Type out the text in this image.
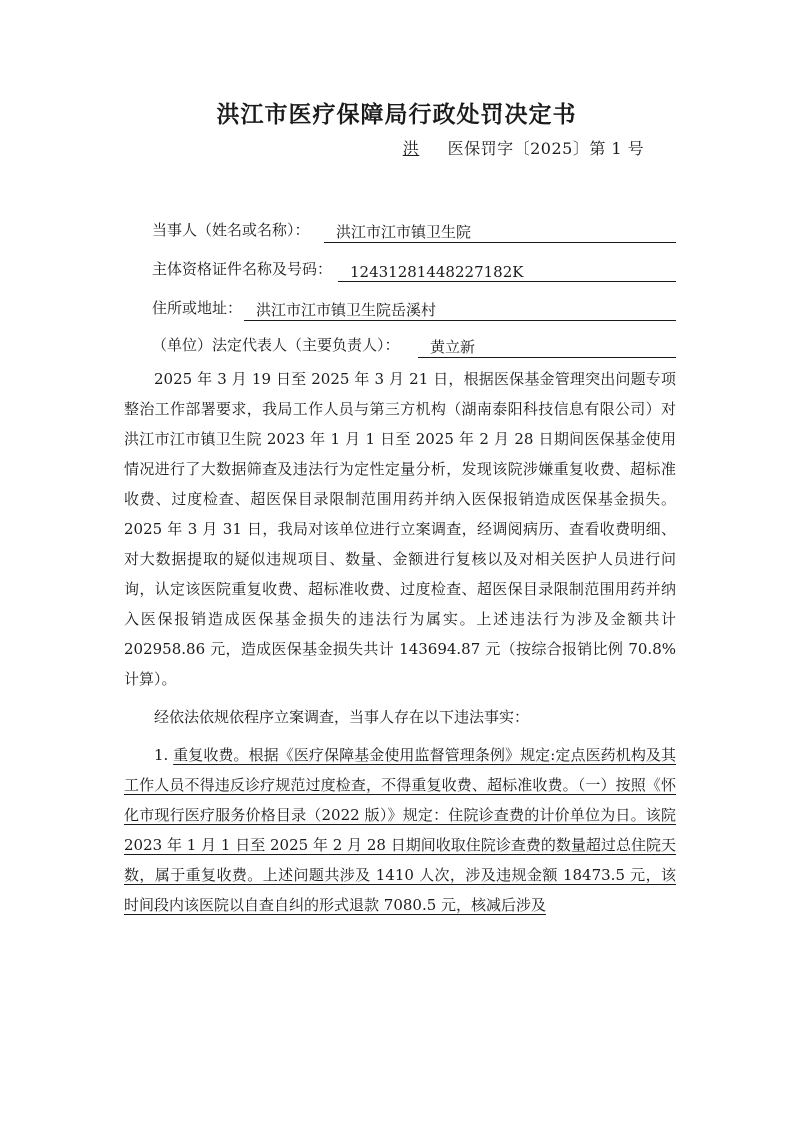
洪江市医疗保障局行政处罚决定书
洪 医保罚字〔2025〕第 1 号
当事人（姓名或名称）：	洪江市江市镇卫生院
主体资格证件名称及号码：	12431281448227182K
住所或地址： 洪江市江市镇卫生院岳溪村
（单位）法定代表人（主要负责人）：	黄立新

2025 年 3 月 19 日至 2025 年 3 月 21 日，根据医保基金管理突出问题专项整治工作部署要求，我局工作人员与第三方机构（湖南泰阳科技信息有限公司）对洪江市江市镇卫生院 2023 年 1 月 1 日至 2025 年 2 月 28 日期间医保基金使用情况进行了大数据筛查及违法行为定性定量分析，发现该院涉嫌重复收费、超标准收费、过度检查、超医保目录限制范围用药并纳入医保报销造成医保基金损失。2025 年 3 月 31 日，我局对该单位进行立案调查，经调阅病历、查看收费明细、对大数据提取的疑似违规项目、数量、金额进行复核以及对相关医护人员进行问询，认定该医院重复收费、超标准收费、过度检查、超医保目录限制范围用药并纳入医保报销造成医保基金损失的违法行为属实。上述违法行为涉及金额共计 202958.86 元，造成医保基金损失共计 143694.87 元（按综合报销比例 70.8%计算）。

经依法依规依程序立案调查，当事人存在以下违法事实：

1. 重复收费。根据《医疗保障基金使用监督管理条例》规定:定点医药机构及其工作人员不得违反诊疗规范过度检查，不得重复收费、超标准收费。（一）按照《怀化市现行医疗服务价格目录（2022 版）》规定：住院诊查费的计价单位为日。该院 2023 年 1 月 1 日至 2025 年 2 月 28 日期间收取住院诊查费的数量超过总住院天数，属于重复收费。上述问题共涉及 1410 人次，涉及违规金额 18473.5 元，该时间段内该医院以自查自纠的形式退款 7080.5 元，核减后涉及
